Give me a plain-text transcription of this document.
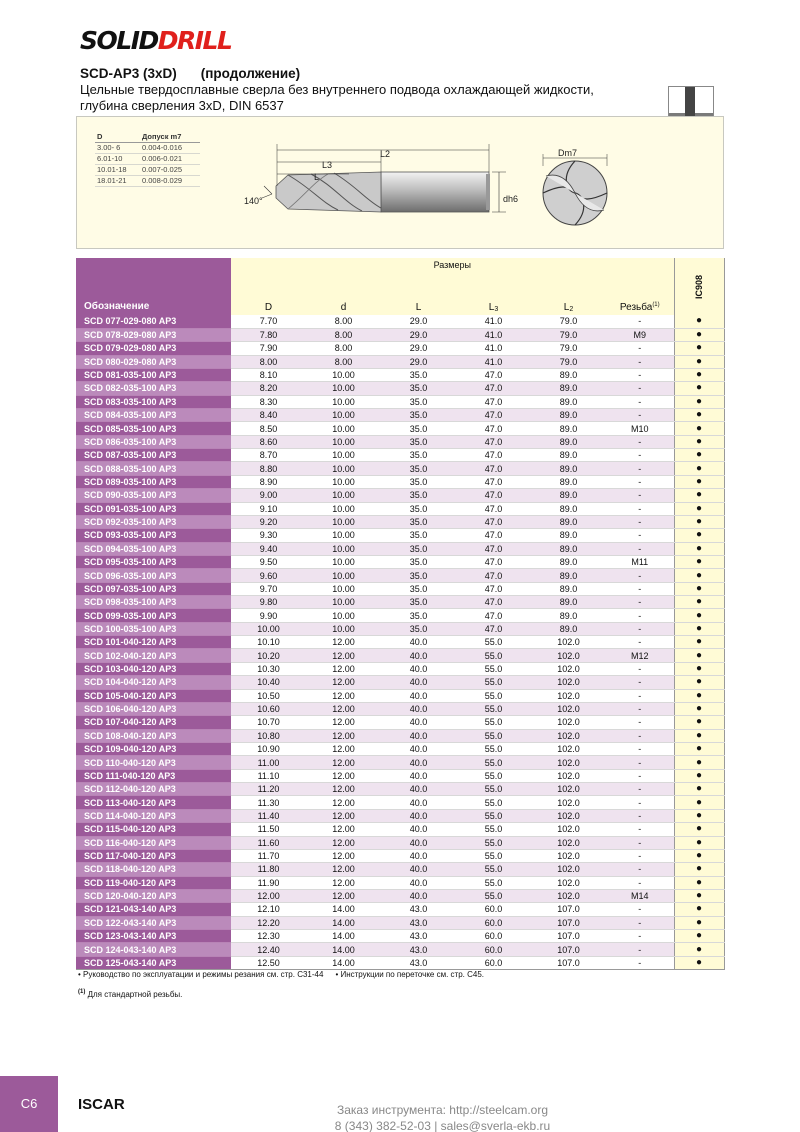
SOLIDDRILL
SCD-AP3 (3xD) (продолжение)
Цельные твердосплавные сверла без внутреннего подвода охлаждающей жидкости, глубина сверления 3xD, DIN 6537
D	Допуск m7
3.00- 6	0.004-0.016
6.01-10	0.006-0.021
10.01-18	0.007-0.025
18.01-21	0.008-0.029
L2
L3
L
dh6
140°
Dm7
Обозначение	Размеры						IC908
	D	d	L	$L_3$	$L_2$	Резьба$^{(1)}$
SCD 077-029-080 AP3	7.70	8.00	29.0	41.0	79.0	-	●
SCD 078-029-080 AP3	7.80	8.00	29.0	41.0	79.0	M9	●
SCD 079-029-080 AP3	7.90	8.00	29.0	41.0	79.0	-	●
SCD 080-029-080 AP3	8.00	8.00	29.0	41.0	79.0	-	●
SCD 081-035-100 AP3	8.10	10.00	35.0	47.0	89.0	-	●
SCD 082-035-100 AP3	8.20	10.00	35.0	47.0	89.0	-	●
SCD 083-035-100 AP3	8.30	10.00	35.0	47.0	89.0	-	●
SCD 084-035-100 AP3	8.40	10.00	35.0	47.0	89.0	-	●
SCD 085-035-100 AP3	8.50	10.00	35.0	47.0	89.0	M10	●
SCD 086-035-100 AP3	8.60	10.00	35.0	47.0	89.0	-	●
SCD 087-035-100 AP3	8.70	10.00	35.0	47.0	89.0	-	●
SCD 088-035-100 AP3	8.80	10.00	35.0	47.0	89.0	-	●
SCD 089-035-100 AP3	8.90	10.00	35.0	47.0	89.0	-	●
SCD 090-035-100 AP3	9.00	10.00	35.0	47.0	89.0	-	●
SCD 091-035-100 AP3	9.10	10.00	35.0	47.0	89.0	-	●
SCD 092-035-100 AP3	9.20	10.00	35.0	47.0	89.0	-	●
SCD 093-035-100 AP3	9.30	10.00	35.0	47.0	89.0	-	●
SCD 094-035-100 AP3	9.40	10.00	35.0	47.0	89.0	-	●
SCD 095-035-100 AP3	9.50	10.00	35.0	47.0	89.0	M11	●
SCD 096-035-100 AP3	9.60	10.00	35.0	47.0	89.0	-	●
SCD 097-035-100 AP3	9.70	10.00	35.0	47.0	89.0	-	●
SCD 098-035-100 AP3	9.80	10.00	35.0	47.0	89.0	-	●
SCD 099-035-100 AP3	9.90	10.00	35.0	47.0	89.0	-	●
SCD 100-035-100 AP3	10.00	10.00	35.0	47.0	89.0	-	●
SCD 101-040-120 AP3	10.10	12.00	40.0	55.0	102.0	-	●
SCD 102-040-120 AP3	10.20	12.00	40.0	55.0	102.0	M12	●
SCD 103-040-120 AP3	10.30	12.00	40.0	55.0	102.0	-	●
SCD 104-040-120 AP3	10.40	12.00	40.0	55.0	102.0	-	●
SCD 105-040-120 AP3	10.50	12.00	40.0	55.0	102.0	-	●
SCD 106-040-120 AP3	10.60	12.00	40.0	55.0	102.0	-	●
SCD 107-040-120 AP3	10.70	12.00	40.0	55.0	102.0	-	●
SCD 108-040-120 AP3	10.80	12.00	40.0	55.0	102.0	-	●
SCD 109-040-120 AP3	10.90	12.00	40.0	55.0	102.0	-	●
SCD 110-040-120 AP3	11.00	12.00	40.0	55.0	102.0	-	●
SCD 111-040-120 AP3	11.10	12.00	40.0	55.0	102.0	-	●
SCD 112-040-120 AP3	11.20	12.00	40.0	55.0	102.0	-	●
SCD 113-040-120 AP3	11.30	12.00	40.0	55.0	102.0	-	●
SCD 114-040-120 AP3	11.40	12.00	40.0	55.0	102.0	-	●
SCD 115-040-120 AP3	11.50	12.00	40.0	55.0	102.0	-	●
SCD 116-040-120 AP3	11.60	12.00	40.0	55.0	102.0	-	●
SCD 117-040-120 AP3	11.70	12.00	40.0	55.0	102.0	-	●
SCD 118-040-120 AP3	11.80	12.00	40.0	55.0	102.0	-	●
SCD 119-040-120 AP3	11.90	12.00	40.0	55.0	102.0	-	●
SCD 120-040-120 AP3	12.00	12.00	40.0	55.0	102.0	M14	●
SCD 121-043-140 AP3	12.10	14.00	43.0	60.0	107.0	-	●
SCD 122-043-140 AP3	12.20	14.00	43.0	60.0	107.0	-	●
SCD 123-043-140 AP3	12.30	14.00	43.0	60.0	107.0	-	●
SCD 124-043-140 AP3	12.40	14.00	43.0	60.0	107.0	-	●
SCD 125-043-140 AP3	12.50	14.00	43.0	60.0	107.0	-	●
• Руководство по эксплуатации и режимы резания см. стр. C31-44 • Инструкции по переточке см. стр. C45.
$^{(1)}$ Для стандартной резьбы.
C6	ISCAR	Заказ инструмента: http://steelcam.org
8 (343) 382-52-03 | sales@sverla-ekb.ru
